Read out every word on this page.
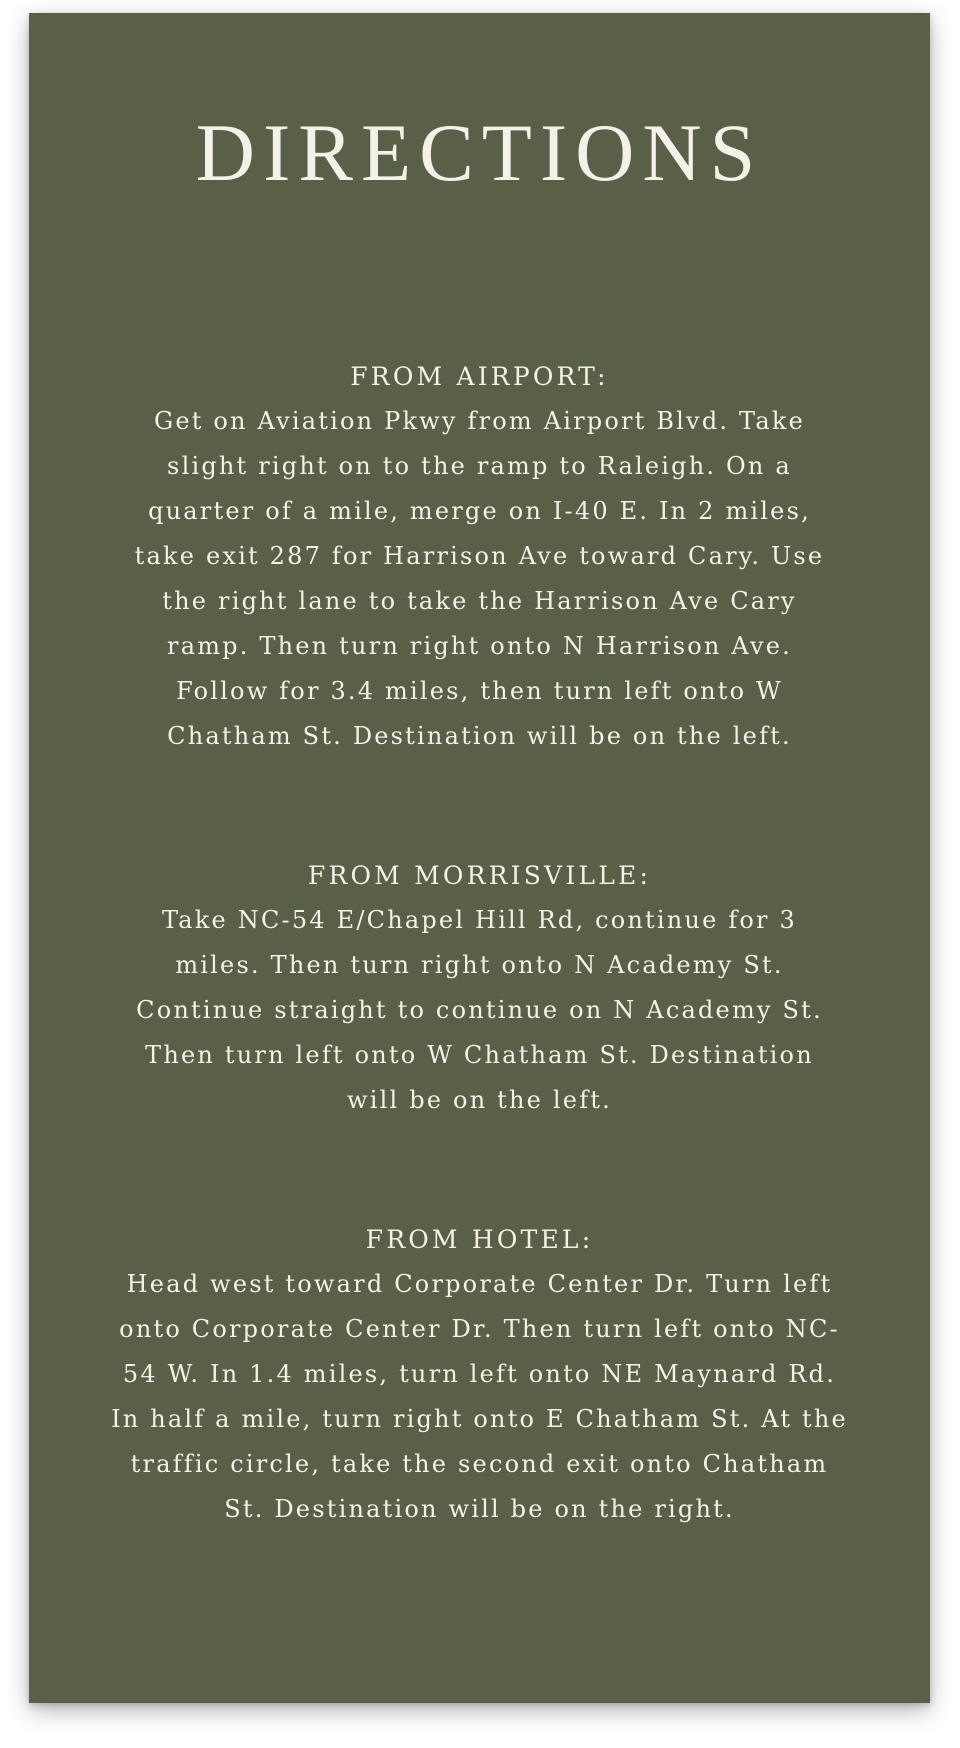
DIRECTIONS

FROM AIRPORT:

Get on Aviation Pkwy from Airport Blvd. Take slight right on to the ramp to Raleigh. On a quarter of a mile, merge on I-40 E. In 2 miles, take exit 287 for Harrison Ave toward Cary. Use the right lane to take the Harrison Ave Cary ramp. Then turn right onto N Harrison Ave. Follow for 3.4 miles, then turn left onto W Chatham St. Destination will be on the left.

FROM MORRISVILLE:

Take NC-54 E/Chapel Hill Rd, continue for 3 miles. Then turn right onto N Academy St. Continue straight to continue on N Academy St. Then turn left onto W Chatham St. Destination will be on the left.

FROM HOTEL:

Head west toward Corporate Center Dr. Turn left onto Corporate Center Dr. Then turn left onto NC-54 W. In 1.4 miles, turn left onto NE Maynard Rd. In half a mile, turn right onto E Chatham St. At the traffic circle, take the second exit onto Chatham St. Destination will be on the right.
